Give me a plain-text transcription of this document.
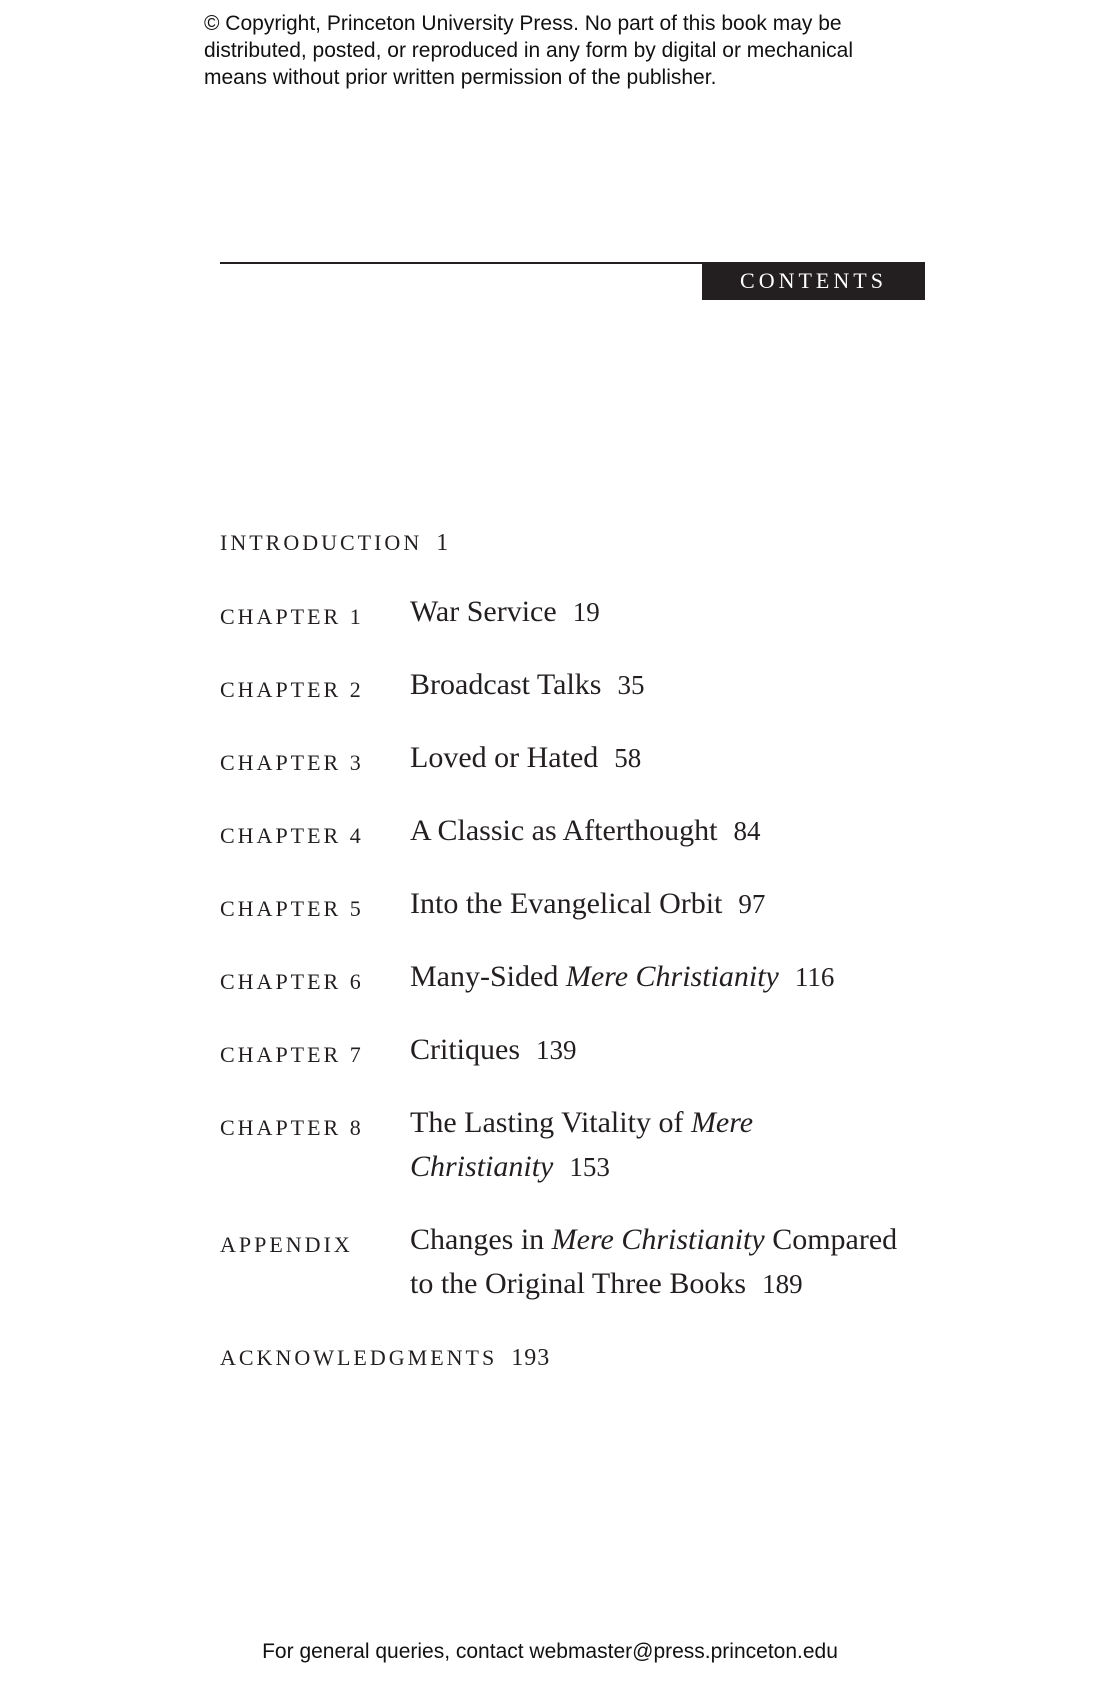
© Copyright, Princeton University Press. No part of this book may be
distributed, posted, or reproduced in any form by digital or mechanical
means without prior written permission of the publisher.
CONTENTS
INTRODUCTION 1
CHAPTER 1 War Service 19
CHAPTER 2 Broadcast Talks 35
CHAPTER 3 Loved or Hated 58
CHAPTER 4 A Classic as Afterthought 84
CHAPTER 5 Into the Evangelical Orbit 97
CHAPTER 6 Many-Sided Mere Christianity 116
CHAPTER 7 Critiques 139
CHAPTER 8 The Lasting Vitality of Mere
Christianity 153
APPENDIX Changes in Mere Christianity Compared
to the Original Three Books 189
ACKNOWLEDGMENTS 193
For general queries, contact webmaster@press.princeton.edu
